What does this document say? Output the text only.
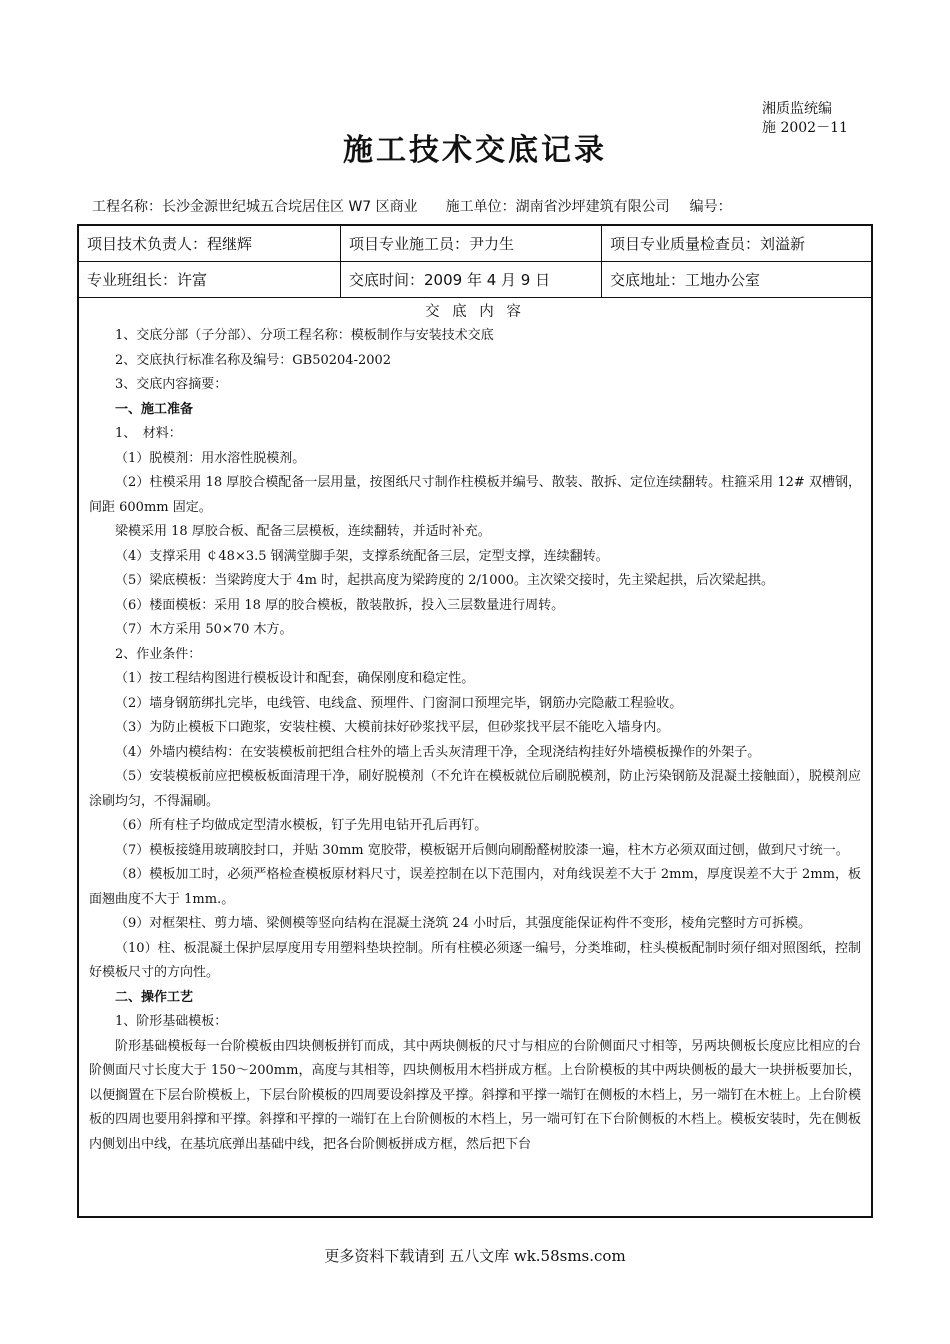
湘质监统编
施 2002－11
施工技术交底记录
工程名称：长沙金源世纪城五合垸居住区 W7 区商业 施工单位：湖南省沙坪建筑有限公司 编号：
项目技术负责人：程继辉	项目专业施工员：尹力生	项目专业质量检查员：刘溢新
专业班组长：许富	交底时间：2009 年 4 月 9 日	交底地址：工地办公室
交 底 内 容

1、交底分部（子分部）、分项工程名称：模板制作与安装技术交底

2、交底执行标准名称及编号：GB50204-2002

3、交底内容摘要：

一、施工准备

1、　材料：

（1）脱模剂：用水溶性脱模剂。

（2）柱模采用 18 厚胶合模配备一层用量，按图纸尺寸制作柱模板并编号、散装、散拆、定位连续翻转。柱箍采用 12# 双槽钢，间距 600mm 固定。

梁模采用 18 厚胶合板、配备三层模板，连续翻转，并适时补充。

（4）支撑采用 ￠48×3.5 钢满堂脚手架，支撑系统配备三层，定型支撑，连续翻转。

（5）梁底模板：当梁跨度大于 4m 时，起拱高度为梁跨度的 2/1000。主次梁交接时，先主梁起拱，后次梁起拱。

（6）楼面模板：采用 18 厚的胶合模板，散装散拆，投入三层数量进行周转。

（7）木方采用 50×70 木方。

2、作业条件：

（1）按工程结构图进行模板设计和配套，确保刚度和稳定性。

（2）墙身钢筋绑扎完毕，电线管、电线盒、预埋件、门窗洞口预埋完毕，钢筋办完隐蔽工程验收。

（3）为防止模板下口跑浆，安装柱模、大模前抹好砂浆找平层，但砂浆找平层不能吃入墙身内。

（4）外墙内模结构：在安装模板前把组合柱外的墙上舌头灰清理干净，全现浇结构挂好外墙模板操作的外架子。

（5）安装模板前应把模板板面清理干净，刷好脱模剂（不允许在模板就位后刷脱模剂，防止污染钢筋及混凝土接触面），脱模剂应涂刷均匀，不得漏刷。

（6）所有柱子均做成定型清水模板，钉子先用电钻开孔后再钉。

（7）模板接缝用玻璃胶封口，并贴 30mm 宽胶带，模板锯开后侧向刷酚醛树胶漆一遍，柱木方必须双面过刨，做到尺寸统一。

（8）模板加工时，必须严格检查模板原材料尺寸，误差控制在以下范围内，对角线误差不大于 2mm，厚度误差不大于 2mm，板面翘曲度不大于 1mm.。

（9）对框架柱、剪力墙、梁侧模等竖向结构在混凝土浇筑 24 小时后，其强度能保证构件不变形，棱角完整时方可拆模。

（10）柱、板混凝土保护层厚度用专用塑料垫块控制。所有柱模必须逐一编号，分类堆砌，柱头模板配制时须仔细对照图纸，控制好模板尺寸的方向性。

二、操作工艺

1、阶形基础模板：

阶形基础模板每一台阶模板由四块侧板拼钉而成，其中两块侧板的尺寸与相应的台阶侧面尺寸相等，另两块侧板长度应比相应的台阶侧面尺寸长度大于 150～200mm，高度与其相等，四块侧板用木档拼成方框。上台阶模板的其中两块侧板的最大一块拼板要加长，以便搁置在下层台阶模板上，下层台阶模板的四周要设斜撑及平撑。斜撑和平撑一端钉在侧板的木档上，另一端钉在木桩上。上台阶模板的四周也要用斜撑和平撑。斜撑和平撑的一端钉在上台阶侧板的木档上，另一端可钉在下台阶侧板的木档上。模板安装时，先在侧板内侧划出中线，在基坑底弹出基础中线，把各台阶侧板拼成方框，然后把下台

更多资料下载请到 五八文库 wk.58sms.com
